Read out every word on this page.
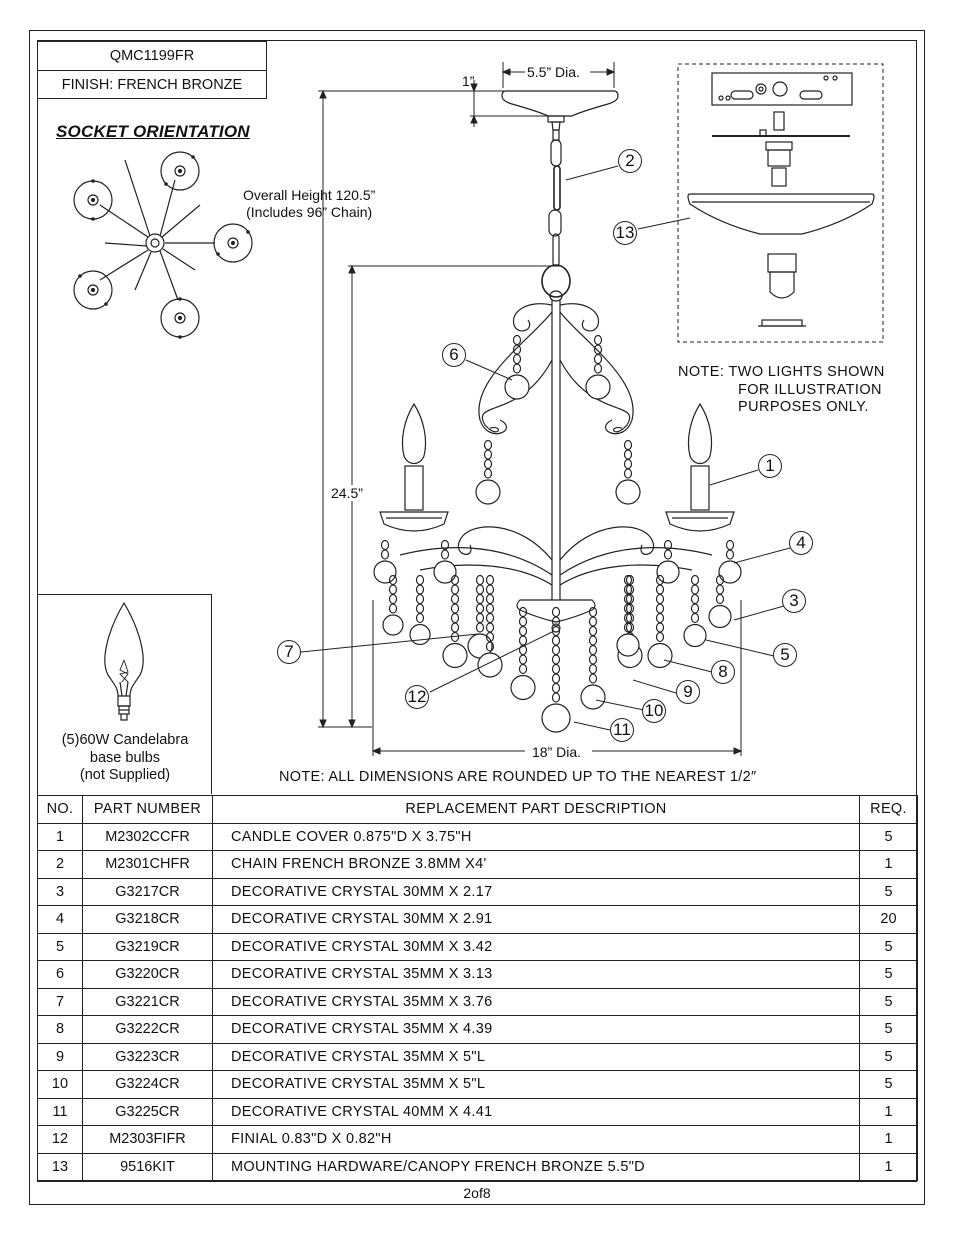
QMC1199FR
FINISH: FRENCH BRONZE
SOCKET ORIENTATION
5.5” Dia.
1”
Overall Height 120.5”
(Includes 96” Chain)
24.5”
18” Dia.
1
2
3
4
5
6
7
8
9
10
11
12
13
NOTE: TWO LIGHTS SHOWN
FOR ILLUSTRATION
PURPOSES ONLY.
(5)60W Candelabra
base bulbs
(not Supplied)	NOTE: ALL DIMENSIONS ARE ROUNDED UP TO THE NEAREST 1/2″
NO.	PART NUMBER	REPLACEMENT PART DESCRIPTION	REQ.
1	M2302CCFR	CANDLE COVER 0.875"D X 3.75"H	5
2	M2301CHFR	CHAIN FRENCH BRONZE 3.8MM X4'	1
3	G3217CR	DECORATIVE CRYSTAL 30MM X 2.17	5
4	G3218CR	DECORATIVE CRYSTAL 30MM X 2.91	20
5	G3219CR	DECORATIVE CRYSTAL 30MM X 3.42	5
6	G3220CR	DECORATIVE CRYSTAL 35MM X 3.13	5
7	G3221CR	DECORATIVE CRYSTAL 35MM X 3.76	5
8	G3222CR	DECORATIVE CRYSTAL 35MM X 4.39	5
9	G3223CR	DECORATIVE CRYSTAL 35MM X 5"L	5
10	G3224CR	DECORATIVE CRYSTAL 35MM X 5"L	5
11	G3225CR	DECORATIVE CRYSTAL 40MM X 4.41	1
12	M2303FIFR	FINIAL 0.83"D X 0.82"H	1
13	9516KIT	MOUNTING HARDWARE/CANOPY FRENCH BRONZE 5.5"D	1
2of8
